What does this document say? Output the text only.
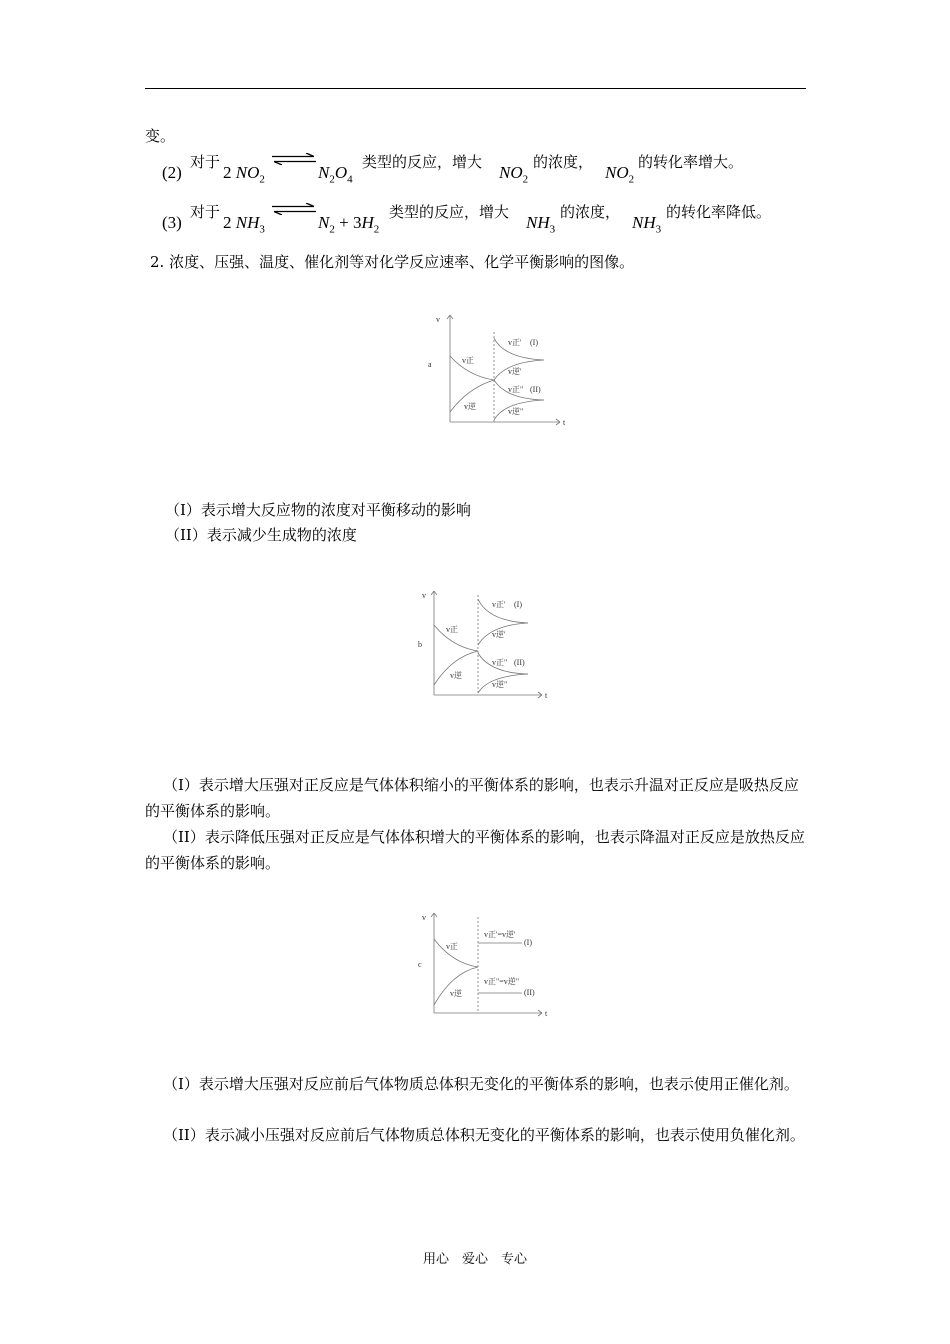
变。
(2)
对于
2 $NO_2$	$N_2O_4$
类型的反应，增大
$NO_2$
的浓度，
$NO_2$
的转化率增大。
(3)
对于
2 $NH_3$	$N_2 + 3H_2$
类型的反应，增大
$NH_3$
的浓度，
$NH_3$
的转化率降低。
2. 浓度、压强、温度、催化剂等对化学反应速率、化学平衡影响的图像。
v
t
a	v正
v逆
v正' (I)
v逆'
v正" (II)
v逆"
（I）表示增大反应物的浓度对平衡移动的影响
（II）表示减少生成物的浓度
v
t
b
v正
v逆
v正' (I)
v逆'
v正" (II)
v逆"
（I）表示增大压强对正反应是气体体积缩小的平衡体系的影响，也表示升温对正反应是吸热反应的平衡体系的影响。
（II）表示降低压强对正反应是气体体积增大的平衡体系的影响，也表示降温对正反应是放热反应的平衡体系的影响。
v
t
c
v正
v逆
v正'=v逆'
(I)
v正"=v逆"
(II)
（I）表示增大压强对反应前后气体物质总体积无变化的平衡体系的影响，也表示使用正催化剂。
（II）表示减小压强对反应前后气体物质总体积无变化的平衡体系的影响，也表示使用负催化剂。
用心　爱心　专心
